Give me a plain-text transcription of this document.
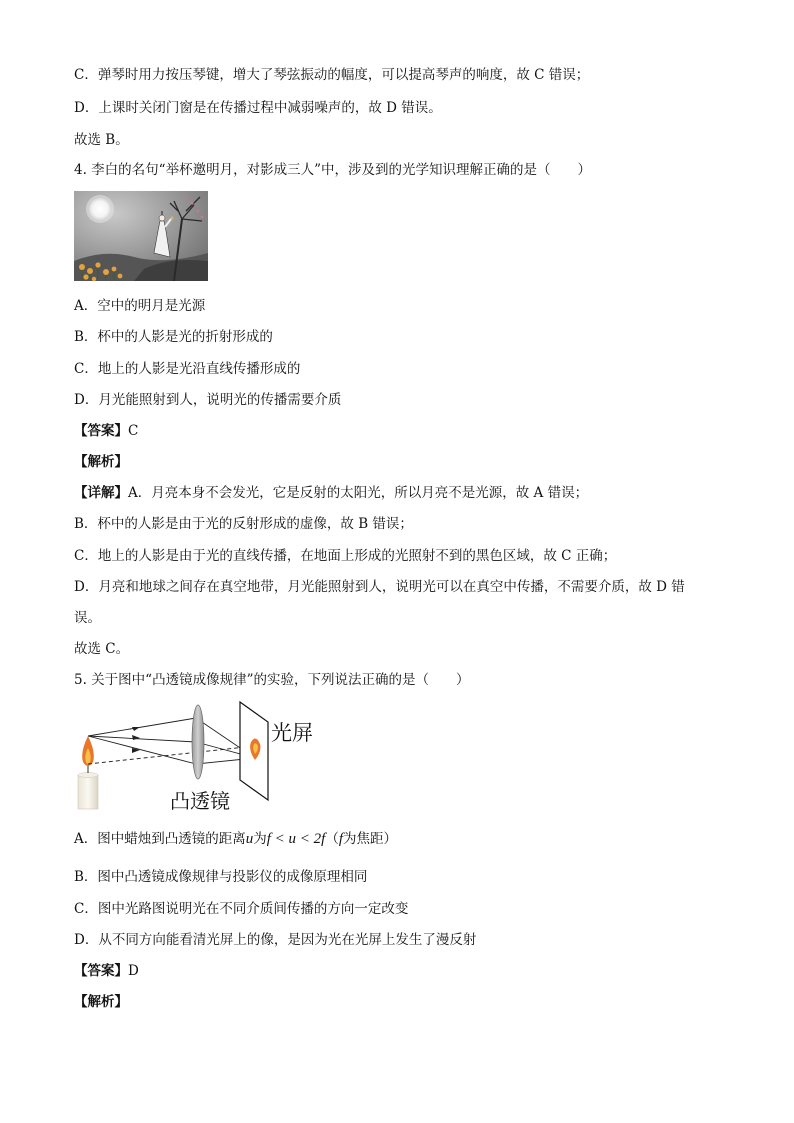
C．弹琴时用力按压琴键，增大了琴弦振动的幅度，可以提高琴声的响度，故 C 错误；
D．上课时关闭门窗是在传播过程中减弱噪声的，故 D 错误。
故选 B。
4. 李白的名句“举杯邀明月，对影成三人”中，涉及到的光学知识理解正确的是（　　）
A．空中的明月是光源
B．杯中的人影是光的折射形成的
C．地上的人影是光沿直线传播形成的
D．月光能照射到人，说明光的传播需要介质
【答案】C
【解析】
【详解】A．月亮本身不会发光，它是反射的太阳光，所以月亮不是光源，故 A 错误；
B．杯中的人影是由于光的反射形成的虚像，故 B 错误；
C．地上的人影是由于光的直线传播，在地面上形成的光照射不到的黑色区域，故 C 正确；
D．月亮和地球之间存在真空地带，月光能照射到人，说明光可以在真空中传播，不需要介质，故 D 错
误。
故选 C。
5. 关于图中“凸透镜成像规律”的实验，下列说法正确的是（　　）
光屏
凸透镜
A．图中蜡烛到凸透镜的距离u为f < u < 2f（f为焦距）
B．图中凸透镜成像规律与投影仪的成像原理相同
C．图中光路图说明光在不同介质间传播的方向一定改变
D．从不同方向能看清光屏上的像，是因为光在光屏上发生了漫反射
【答案】D
【解析】
